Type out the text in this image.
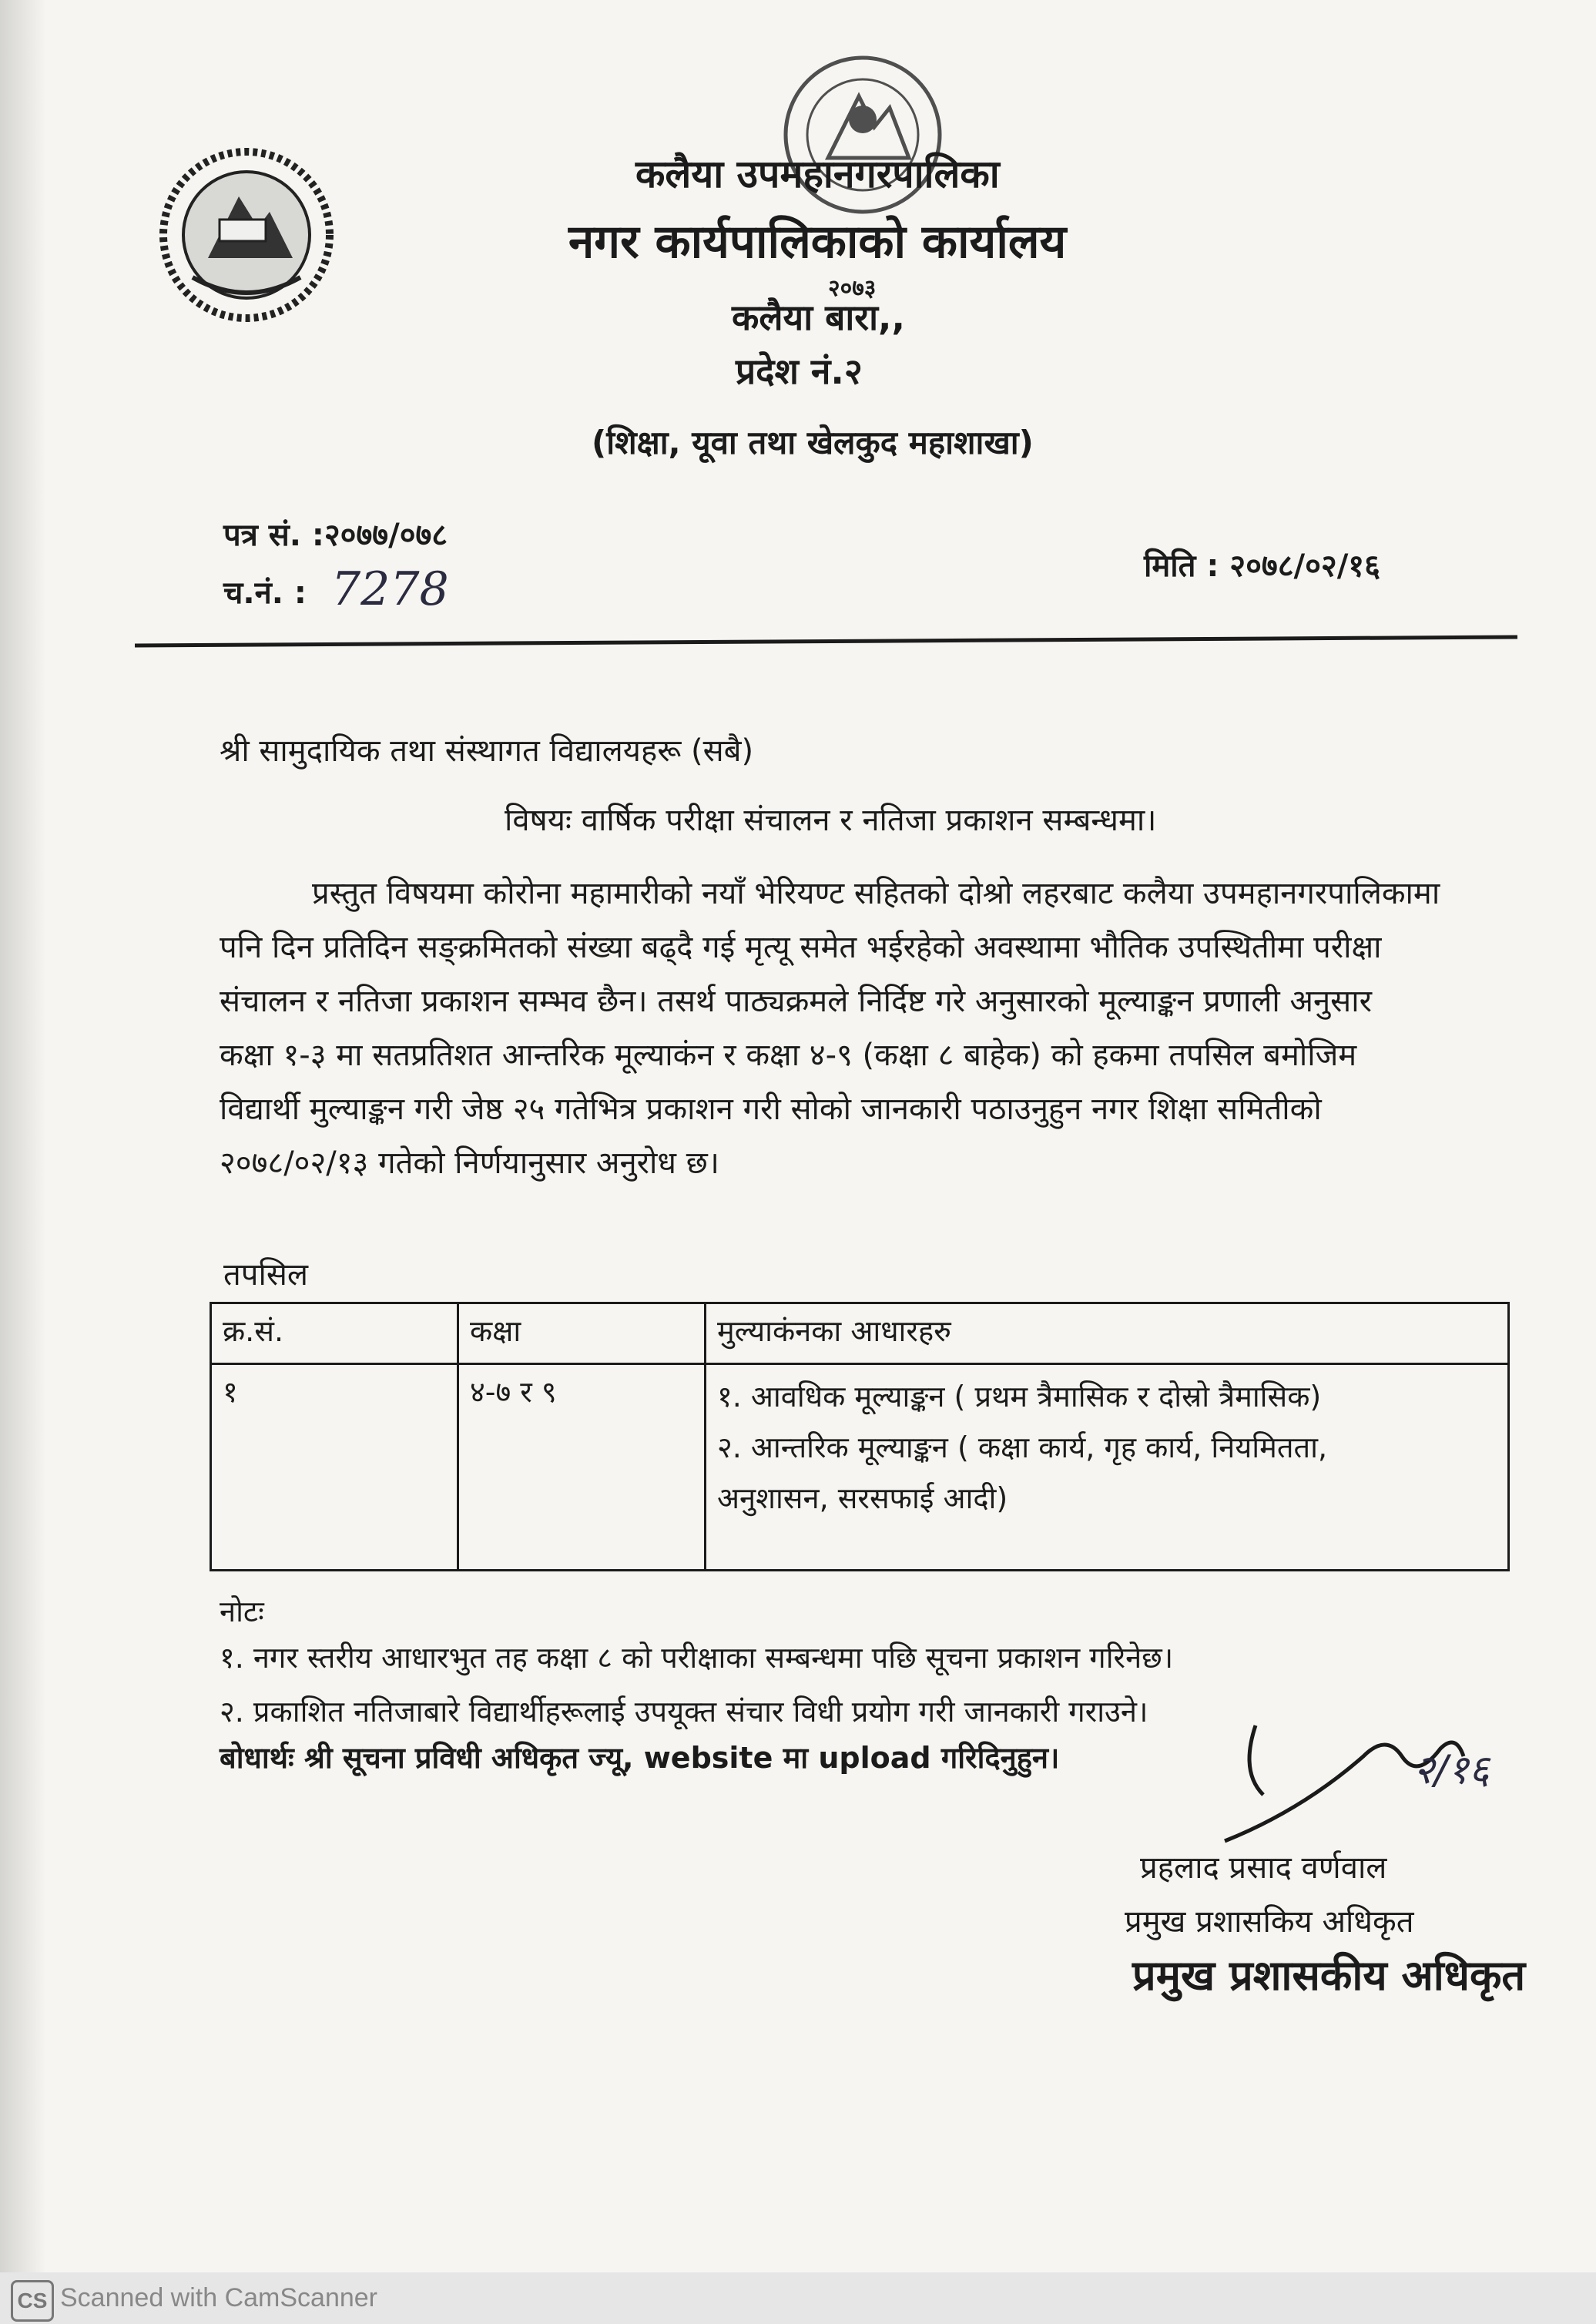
२०७३
कलैया उपमहानगरपालिका
नगर कार्यपालिकाको कार्यालय
कलैया बारा,,
प्रदेश नं.२
(शिक्षा, यूवा तथा खेलकुद महाशाखा)
पत्र सं. :२०७७/०७८
च.नं. : 7278	मिति : २०७८/०२/१६
श्री सामुदायिक तथा संस्थागत विद्यालयहरू (सबै)
विषयः वार्षिक परीक्षा संचालन र नतिजा प्रकाशन सम्बन्धमा।
प्रस्तुत विषयमा कोरोना महामारीको नयाँ भेरियण्ट सहितको दोश्रो लहरबाट कलैया उपमहानगरपालिकामा
पनि दिन प्रतिदिन सङ्क्रमितको संख्या बढ्दै गई मृत्यू समेत भईरहेको अवस्थामा भौतिक उपस्थितीमा परीक्षा
संचालन र नतिजा प्रकाशन सम्भव छैन। तसर्थ पाठ्यक्रमले निर्दिष्ट गरे अनुसारको मूल्याङ्कन प्रणाली अनुसार
कक्षा १-३ मा सतप्रतिशत आन्तरिक मूल्याकंन र कक्षा ४-९ (कक्षा ८ बाहेक) को हकमा तपसिल बमोजिम
विद्यार्थी मुल्याङ्कन गरी जेष्ठ २५ गतेभित्र प्रकाशन गरी सोको जानकारी पठाउनुहुन नगर शिक्षा समितीको
२०७८/०२/१३ गतेको निर्णयानुसार अनुरोध छ।
तपसिल
क्र.सं.	कक्षा	मुल्याकंनका आधारहरु
१	४-७ र ९	१. आवधिक मूल्याङ्कन ( प्रथम त्रैमासिक र दोस्रो त्रैमासिक)
२. आन्तरिक मूल्याङ्कन ( कक्षा कार्य, गृह कार्य, नियमितता,
अनुशासन, सरसफाई आदी)
नोटः
१. नगर स्तरीय आधारभुत तह कक्षा ८ को परीक्षाका सम्बन्धमा पछि सूचना प्रकाशन गरिनेछ।
२. प्रकाशित नतिजाबारे विद्यार्थीहरूलाई उपयूक्त संचार विधी प्रयोग गरी जानकारी गराउने।
बोधार्थः श्री सूचना प्रविधी अधिकृत ज्यू, website मा upload गरिदिनुहुन।	२/१६
प्रहलाद प्रसाद वर्णवाल
प्रमुख प्रशासकिय अधिकृत
प्रमुख प्रशासकीय अधिकृत
CS Scanned with CamScanner
